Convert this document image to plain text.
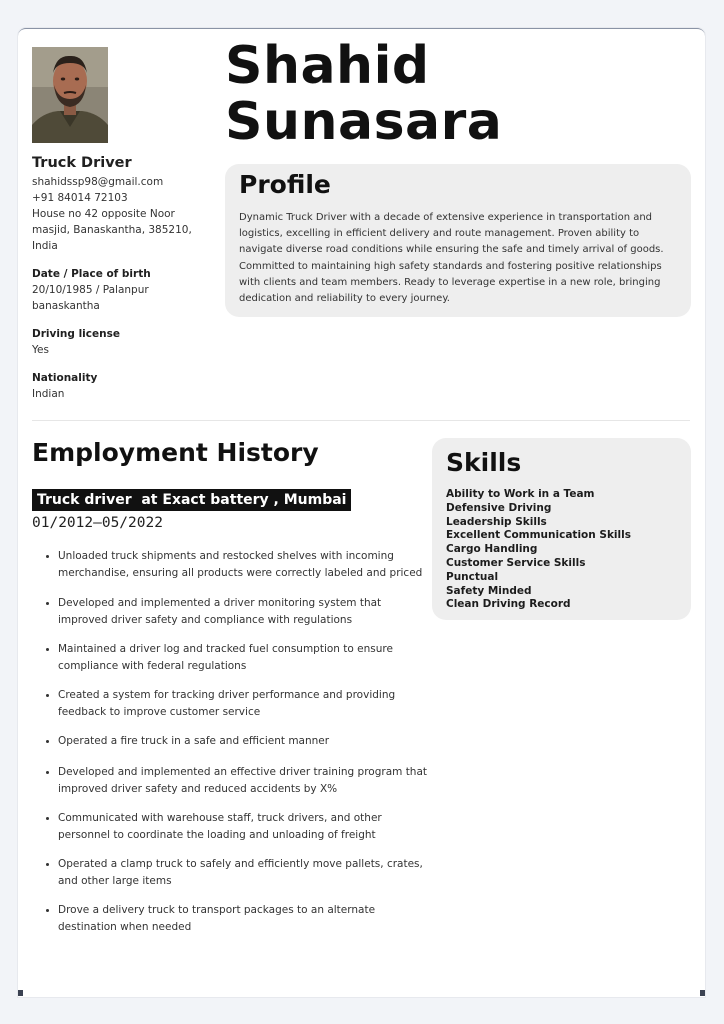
Truck Driver
shahidssp98@gmail.com
+91 84014 72103
House no 42 opposite Noor
masjid, Banaskantha, 385210,
India
Date / Place of birth
20/10/1985 / Palanpur
banaskantha
Driving license
Yes
Nationality
Indian
Shahid
Sunasara
Profile
Dynamic Truck Driver with a decade of extensive experience in transportation and
logistics, excelling in efficient delivery and route management. Proven ability to
navigate diverse road conditions while ensuring the safe and timely arrival of goods.
Committed to maintaining high safety standards and fostering positive relationships
with clients and team members. Ready to leverage expertise in a new role, bringing
dedication and reliability to every journey.
Employment History
Truck driver  at Exact battery , Mumbai
01/2012—05/2022
Unloaded truck shipments and restocked shelves with incoming
merchandise, ensuring all products were correctly labeled and priced
Developed and implemented a driver monitoring system that
improved driver safety and compliance with regulations
Maintained a driver log and tracked fuel consumption to ensure
compliance with federal regulations
Created a system for tracking driver performance and providing
feedback to improve customer service
Operated a fire truck in a safe and efficient manner
Developed and implemented an effective driver training program that
improved driver safety and reduced accidents by X%
Communicated with warehouse staff, truck drivers, and other
personnel to coordinate the loading and unloading of freight
Operated a clamp truck to safely and efficiently move pallets, crates,
and other large items
Drove a delivery truck to transport packages to an alternate
destination when needed
Skills
Ability to Work in a Team
Defensive Driving
Leadership Skills
Excellent Communication Skills
Cargo Handling
Customer Service Skills
Punctual
Safety Minded
Clean Driving Record
